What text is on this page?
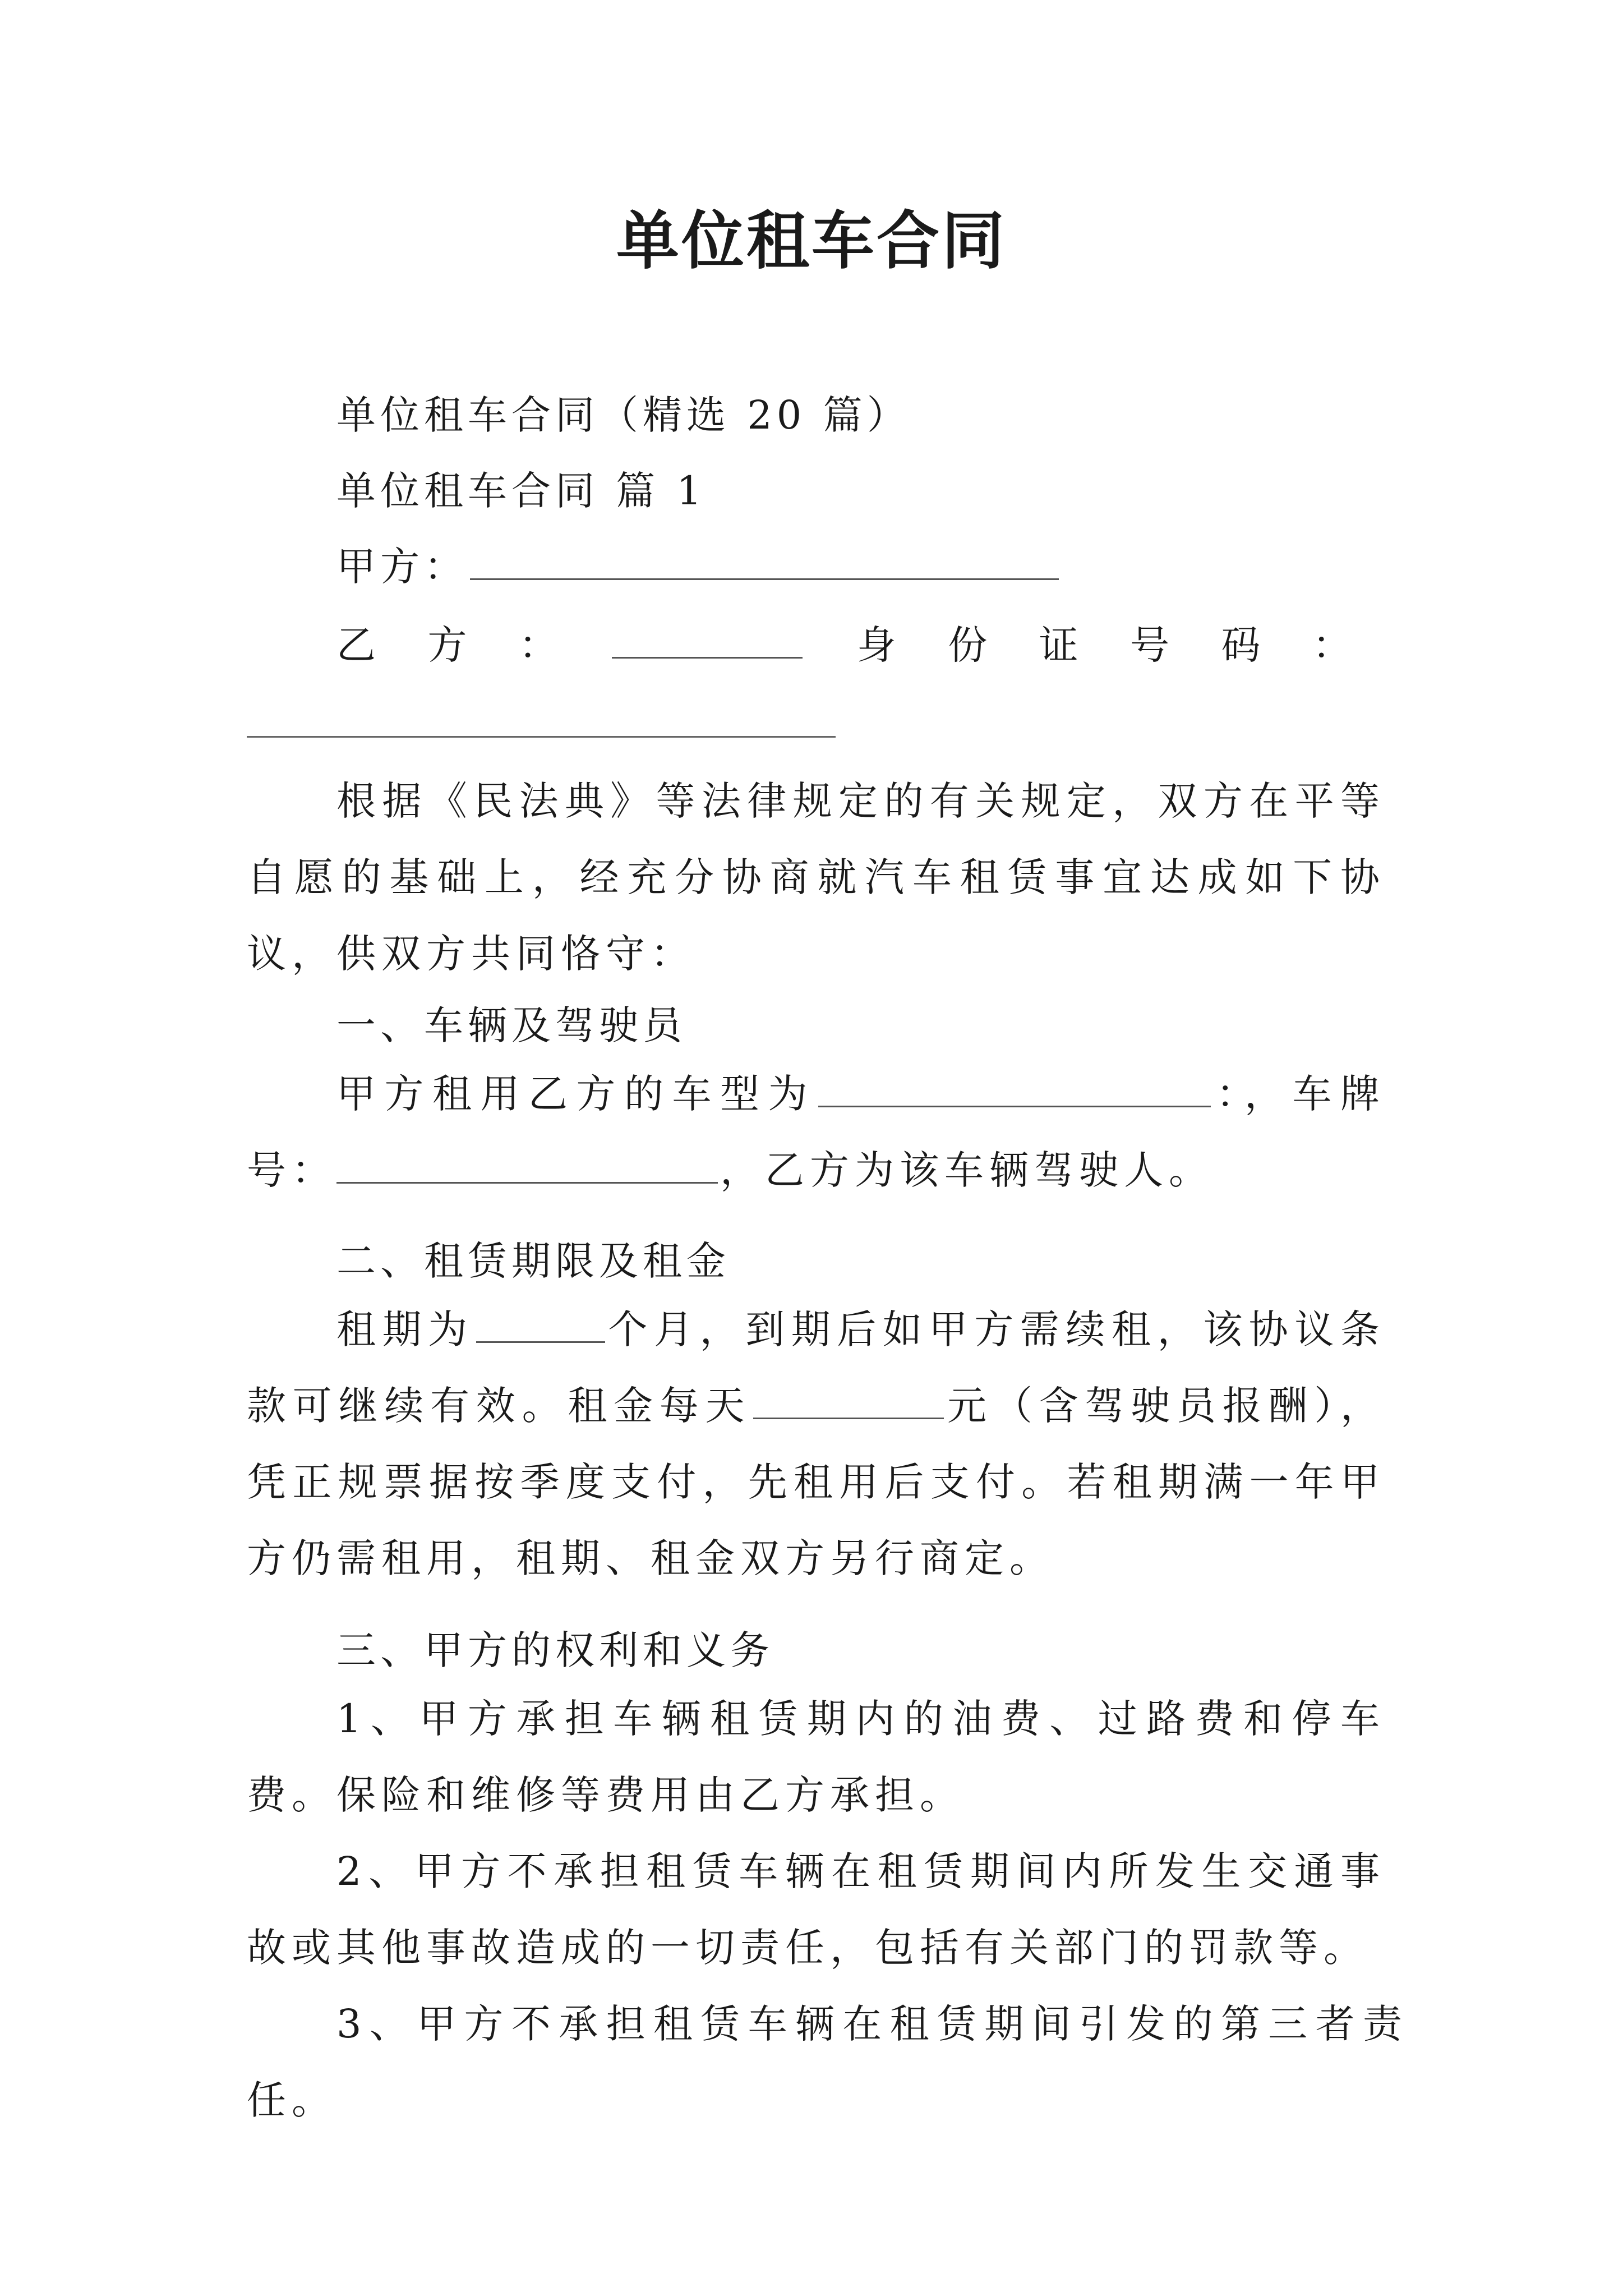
单位租车合同
单位租车合同（精选 20 篇）
单位租车合同 篇 1
甲方：
乙 方 ：	身 份 证 号 码 ：

根据《民法典》等法律规定的有关规定，双方在平等自愿的基础上，经充分协商就汽车租赁事宜达成如下协议，供双方共同恪守：

一、车辆及驾驶员

甲方租用乙方的车型为	：，车牌号：	，乙方为该车辆驾驶人。

二、租赁期限及租金

租期为	个月，到期后如甲方需续租，该协议条款可继续有效。租金每天	元（含驾驶员报酬），凭正规票据按季度支付，先租用后支付。若租期满一年甲方仍需租用，租期、租金双方另行商定。

三、甲方的权利和义务

1、甲方承担车辆租赁期内的油费、过路费和停车费。保险和维修等费用由乙方承担。

2、甲方不承担租赁车辆在租赁期间内所发生交通事故或其他事故造成的一切责任，包括有关部门的罚款等。

3、甲方不承担租赁车辆在租赁期间引发的第三者责任。
